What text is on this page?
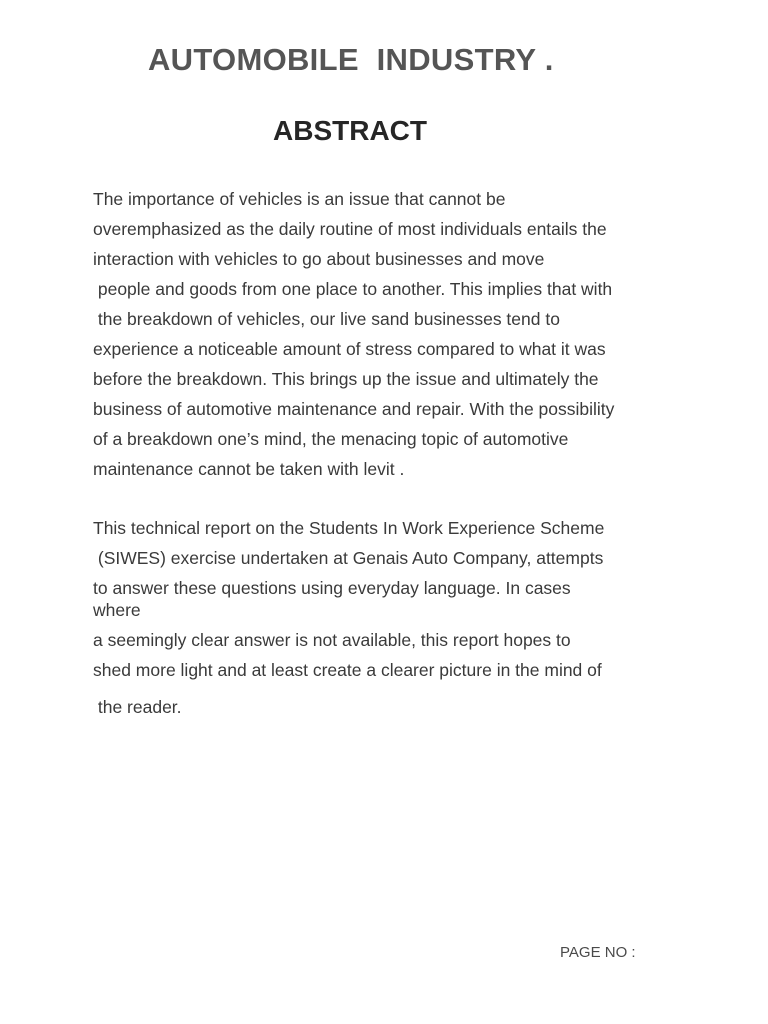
AUTOMOBILE  INDUSTRY .
ABSTRACT

The importance of vehicles is an issue that cannot be

overemphasized as the daily routine of most individuals entails the

interaction with vehicles to go about businesses and move

people and goods from one place to another. This implies that with

the breakdown of vehicles, our live sand businesses tend to

experience a noticeable amount of stress compared to what it was

before the breakdown. This brings up the issue and ultimately the

business of automotive maintenance and repair. With the possibility

of a breakdown one’s mind, the menacing topic of automotive

maintenance cannot be taken with levit .

This technical report on the Students In Work Experience Scheme

(SIWES) exercise undertaken at Genais Auto Company, attempts

to answer these questions using everyday language. In cases

where

a seemingly clear answer is not available, this report hopes to

shed more light and at least create a clearer picture in the mind of

the reader.

PAGE NO :
